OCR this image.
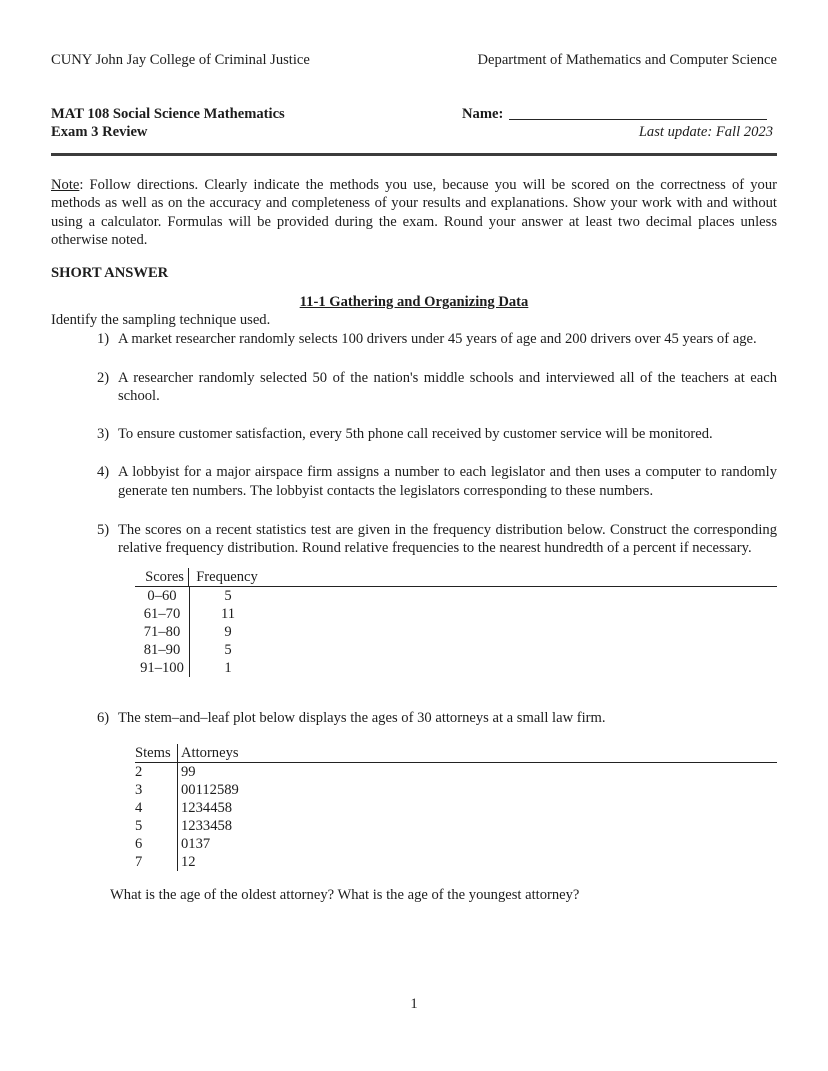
CUNY John Jay College of Criminal Justice	Department of Mathematics and Computer Science
MAT 108 Social Science Mathematics
Exam 3 Review
Name:
Last update: Fall 2023

Note: Follow directions. Clearly indicate the methods you use, because you will be scored on the correctness of your methods as well as on the accuracy and completeness of your results and explanations. Show your work with and without using a calculator. Formulas will be provided during the exam. Round your answer at least two decimal places unless otherwise noted.

SHORT ANSWER
11-1 Gathering and Organizing Data
Identify the sampling technique used.
1) A market researcher randomly selects 100 drivers under 45 years of age and 200 drivers over 45 years of age.
2) A researcher randomly selected 50 of the nation's middle schools and interviewed all of the teachers at each school.
3) To ensure customer satisfaction, every 5th phone call received by customer service will be monitored.
4) A lobbyist for a major airspace firm assigns a number to each legislator and then uses a computer to randomly generate ten numbers. The lobbyist contacts the legislators corresponding to these numbers.
5) The scores on a recent statistics test are given in the frequency distribution below. Construct the corresponding relative frequency distribution. Round relative frequencies to the nearest hundredth of a percent if necessary.
Scores Frequency
0–60	5
61–70	11
71–80	9
81–90	5
91–100	1
6) The stem–and–leaf plot below displays the ages of 30 attorneys at a small law firm.
Stems Attorneys
2	99
3	00112589
4	1234458
5	1233458
6	0137
7	12
What is the age of the oldest attorney? What is the age of the youngest attorney?
1
